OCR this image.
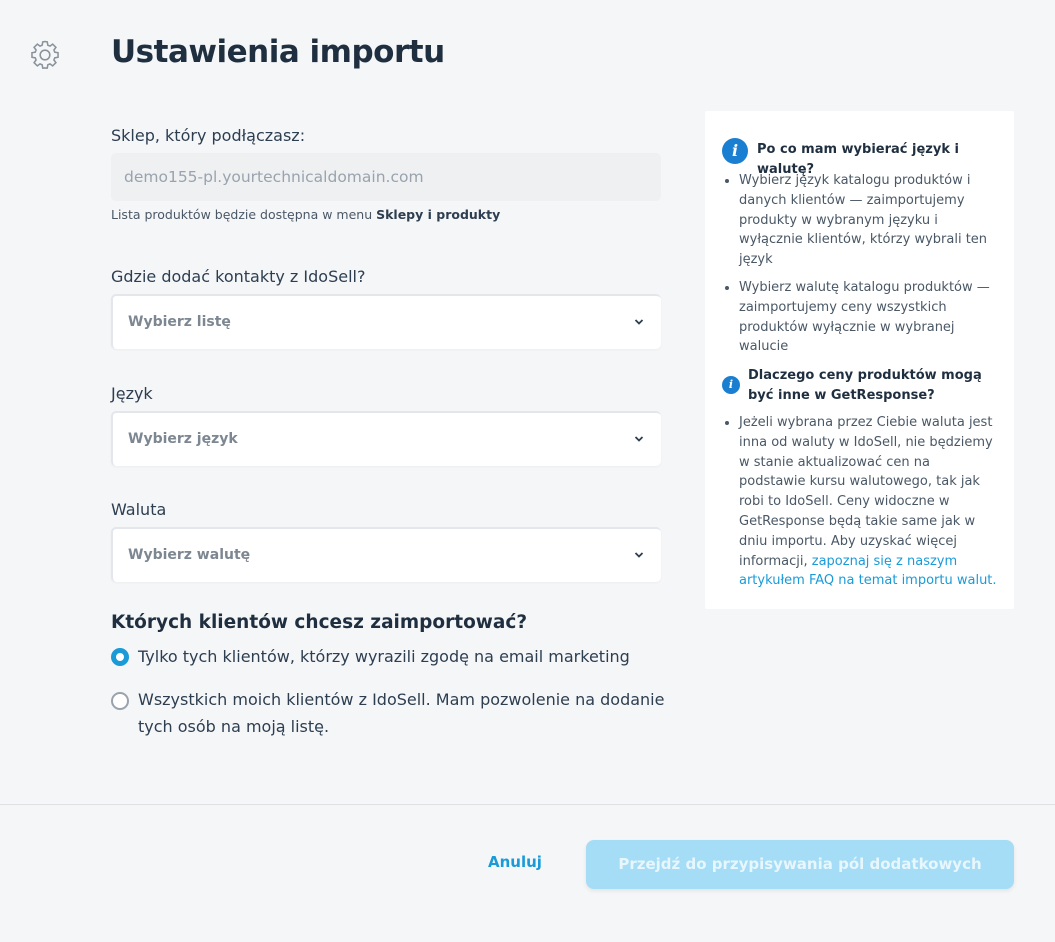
Ustawienia importu
Sklep, który podłączasz:
demo155-pl.yourtechnicaldomain.com
Lista produktów będzie dostępna w menu Sklepy i produkty
Gdzie dodać kontakty z IdoSell?
Wybierz listę
Język
Wybierz język
Waluta
Wybierz walutę
Których klientów chcesz zaimportować?
Tylko tych klientów, którzy wyrazili zgodę na email marketing
Wszystkich moich klientów z IdoSell. Mam pozwolenie na dodanie tych osób na moją listę.
i	Po co mam wybierać język i walutę?
Wybierz język katalogu produktów i danych klientów — zaimportujemy produkty w wybranym języku i wyłącznie klientów, którzy wybrali ten język
Wybierz walutę katalogu produktów — zaimportujemy ceny wszystkich produktów wyłącznie w wybranej walucie
i
Dlaczego ceny produktów mogą być inne w GetResponse?
Jeżeli wybrana przez Ciebie waluta jest inna od waluty w IdoSell, nie będziemy w stanie aktualizować cen na podstawie kursu walutowego, tak jak robi to IdoSell. Ceny widoczne w GetResponse będą takie same jak w dniu importu. Aby uzyskać więcej informacji, zapoznaj się z naszym artykułem FAQ na temat importu walut.
Anuluj	Przejdź do przypisywania pól dodatkowych
